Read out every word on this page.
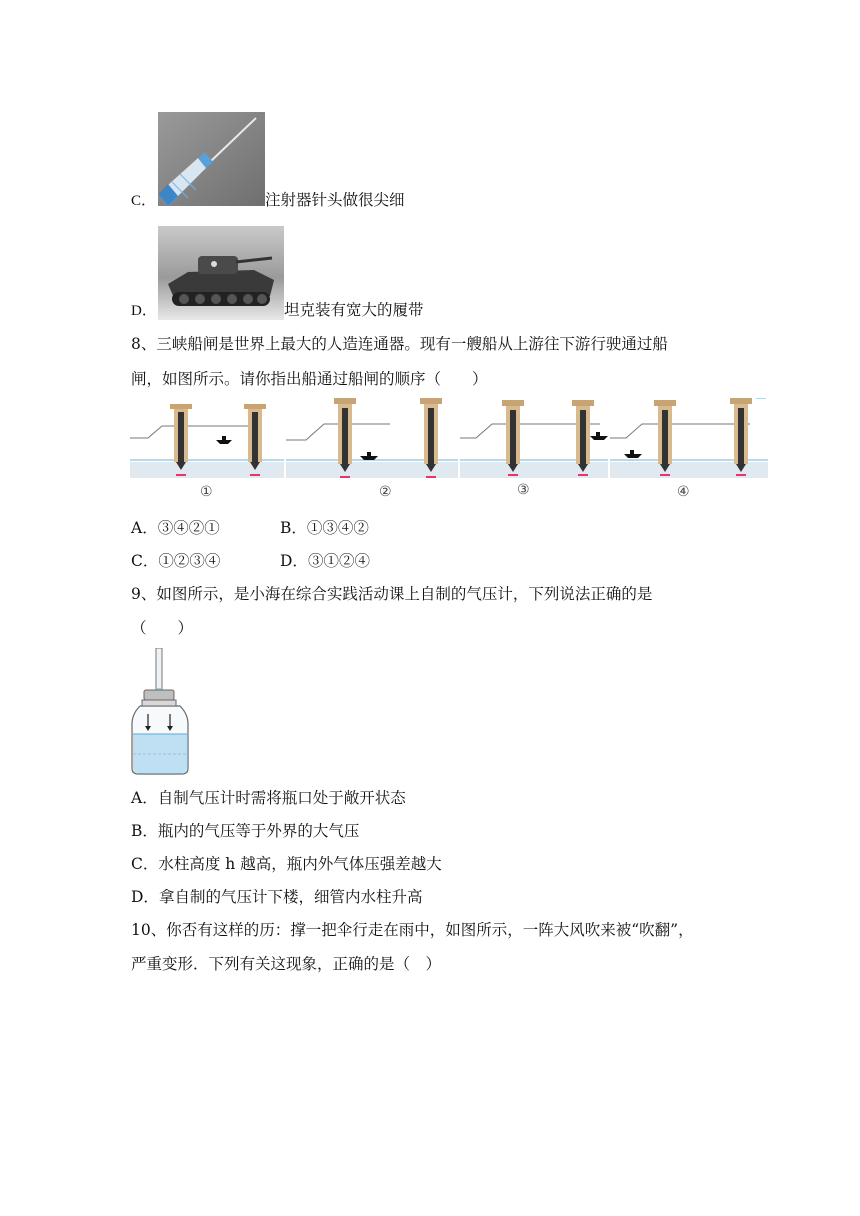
C．	注射器针头做很尖细
D．	坦克装有宽大的履带
8、三峡船闸是世界上最大的人造连通器。现有一艘船从上游往下游行驶通过船
闸，如图所示。请你指出船通过船闸的顺序（　　）
①	②	③	④
A．③④②①	B．①③④②
C．①②③④	D．③①②④
9、如图所示，是小海在综合实践活动课上自制的气压计，下列说法正确的是
（　　）
A．自制气压计时需将瓶口处于敞开状态
B．瓶内的气压等于外界的大气压
C．水柱高度 h 越高，瓶内外气体压强差越大
D．拿自制的气压计下楼，细管内水柱升高
10、你否有这样的历：撑一把伞行走在雨中，如图所示，一阵大风吹来被“吹翻”，
严重变形．下列有关这现象，正确的是（　）
